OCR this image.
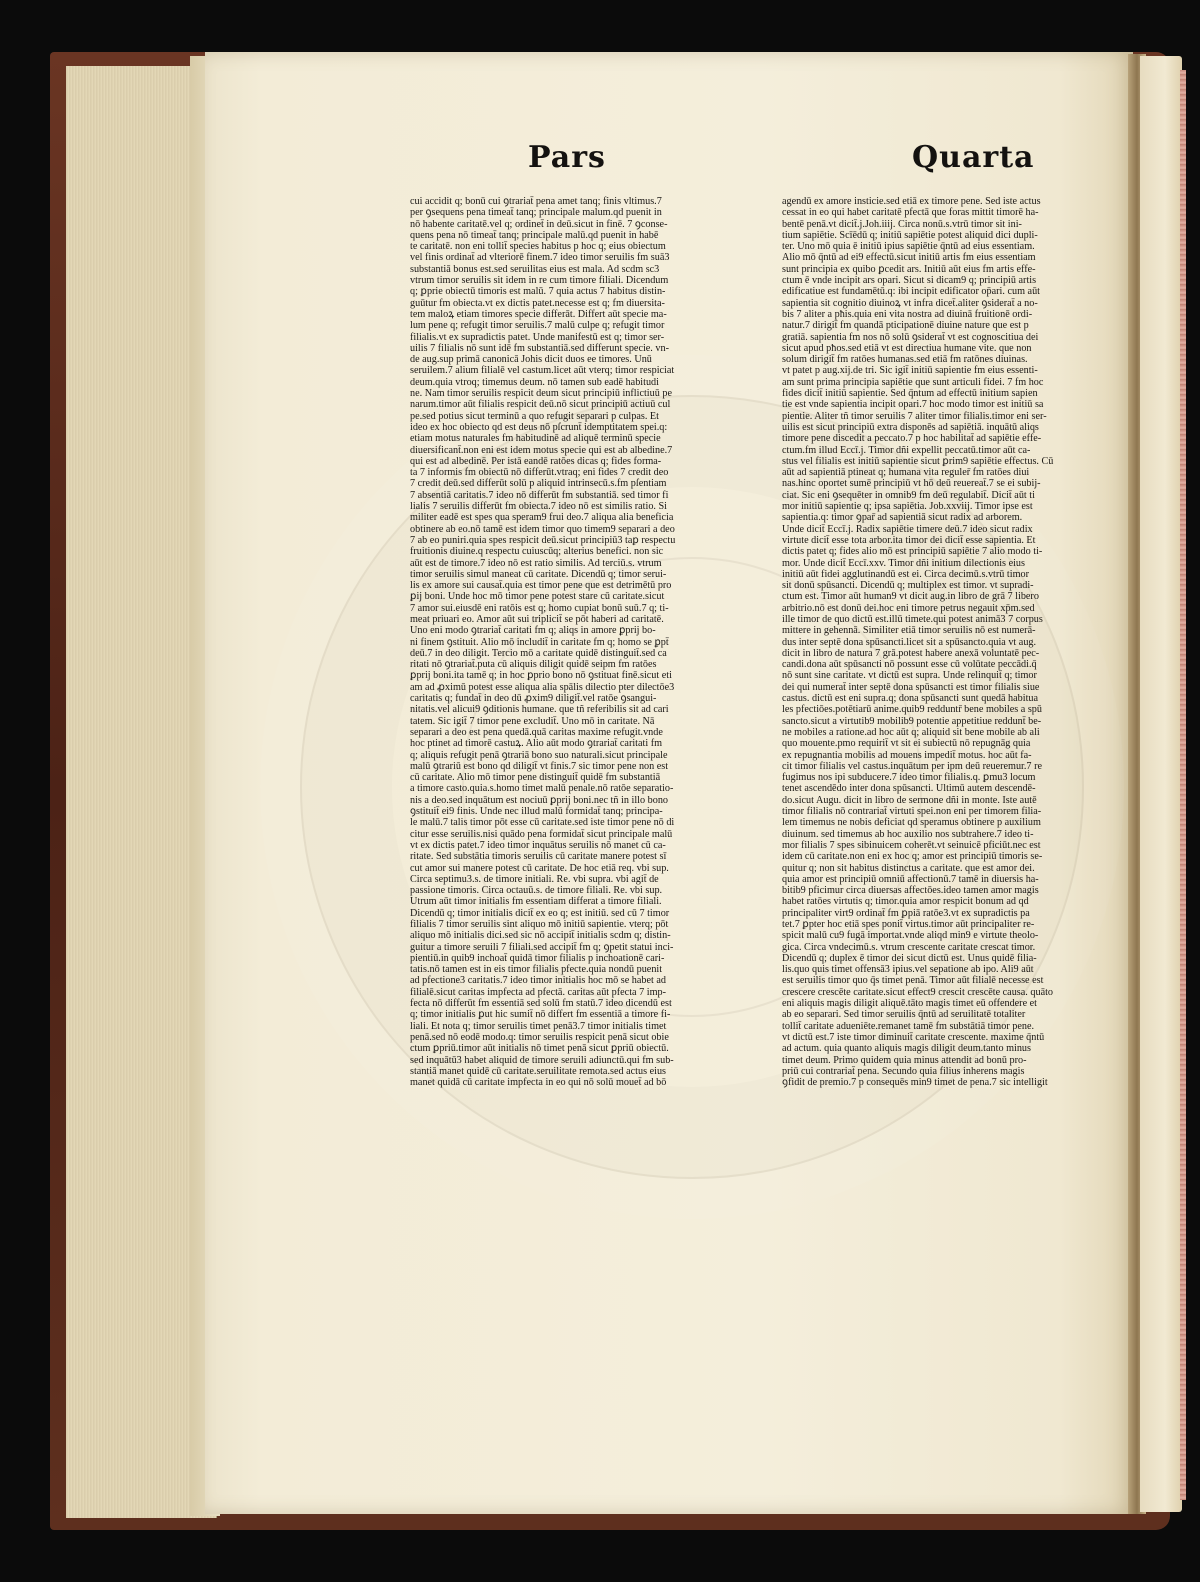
Pars	Quarta

cui accidit q; bonū cui ꝯtrariat̄ pena amet tanq; finis vltimus.7

per ꝯsequens pena timeat̄ tanq; principale malum.qd̄ puenit in

nō habente caritatē.vel q; ordinet̄ in deū.sicut in finē. 7 ꝯconse-

quens pena nō timeat̄ tanq; principale malū.qd̄ puenit in habē

te caritatē. non eni tollit̄ species habitus p hoc q; eius obiectum

vel finis ordinat̄ ad vlteriorē finem.7 ideo timor seruilis fm suā3

substantiā bonus est.sed seruilitas eius est mala. Ad scdm sc3

vtrum timor seruilis sit idem in re cum timore filiali. Dicendum

q; ꝑprie obiectū timoris est malū. 7 quia actus 7 habitus distin-

guūtur fm obiecta.vt ex dictis patet.necesse est q; fm diuersita-

tem maloꝝ etiam timores specie differāt. Differt aūt specie ma-

lum pene q; refugit timor seruilis.7 malū culpe q; refugit timor

filialis.vt ex supradictis patet. Unde manifestū est q; timor ser-

uilis 7 filialis nō sunt idē fm substantiā.sed differunt specie. vn-

de aug.sup primā canonicā Johis dicit duos ee timores. Unū

seruilem.7 alium filialē vel castum.licet aūt vterq; timor respiciat

deum.quia vtroq; timemus deum. nō tamen sub eadē habitudi

ne. Nam timor seruilis respicit deum sicut principiū inflictiuū pe

narum.timor aūt filialis respicit deū.nō sicut principiū actiuū cul

pe.sed potius sicut terminū a quo refugit separari p culpas. Et

ideo ex hoc obiecto qd̄ est deus nō pſcrunt̄ idemptitatem spei.q:

etiam motus naturales fm habitudinē ad aliquē terminū specie

diuersificant̄.non eni est idem motus specie qui est ab albedine.7

qui est ad albedinē. Per istā eandē ratōes dicas q; fides forma-

ta 7 informis fm obiectū nō differūt.vtraq; eni fides 7 credit deo

7 credit deū.sed differūt solū p aliquid intrinsecū.s.fm pſentiam

7 absentiā caritatis.7 ideo nō differūt fm substantiā. sed timor fi

lialis 7 seruilis differūt fm obiecta.7 ideo nō est similis ratio. Si

militer eadē est spes qua speram9 frui deo.7 aliqua alia beneficia

obtinere ab eo.nō tamē est idem timor quo timem9 separari a deo

7 ab eo puniri.quia spes respicit deū.sicut principiū3 taꝑ respectu

fruitionis diuine.q respectu cuiuscūq; alterius benefici. non sic

aūt est de timore.7 ideo nō est ratio similis. Ad terciū.s. vtrum

timor seruilis simul maneat cū caritate. Dicendū q; timor serui-

lis ex amore sui causat̄.quia est timor pene que est detrimētū pro

ꝑij boni. Unde hoc mō timor pene potest stare cū caritate.sicut

7 amor sui.eiusdē eni ratōis est q; homo cupiat bonū suū.7 q; ti-

meat priuari eo. Amor aūt sui triplicit̄ se pōt haberi ad caritatē.

Uno eni modo ꝯtrariat̄ caritati fm q; aliqs in amore ꝑprij bo-

ni finem ꝯstituit. Alio mō includit̄ in caritate fm q; homo se ꝑpt̄

deū.7 in deo diligit. Tercio mō a caritate quidē distinguit̄.sed ca

ritati nō ꝯtrariat̄.puta cū aliquis diligit quidē seipm fm ratōes

ꝑprij boni.ita tamē q; in hoc ꝑprio bono nō ꝯstituat finē.sicut eti

am ad ꝓximū potest esse aliqua alia spālis dilectio pter dilectōe3

caritatis q; fundat̄ in deo dū ꝓxim9 diligit̄.vel ratōe ꝯsangui-

nitatis.vel alicui9 ꝯditionis humane. que tñ referibilis sit ad cari

tatem. Sic igit̄ 7 timor pene excludit̄. Uno mō in caritate. Nā

separari a deo est pena quedā.quā caritas maxime refugit.vnde

hoc ptinet ad timorē castuꝝ. Alio aūt modo ꝯtrariat̄ caritati fm

q; aliquis refugit penā ꝯtrariā bono suo naturali.sicut principale

malū ꝯtrariū est bono qd̄ diligit̄ vt finis.7 sic timor pene non est

cū caritate. Alio mō timor pene distinguit̄ quidē fm substantiā

a timore casto.quia.s.homo timet malū penale.nō ratōe separatio-

nis a deo.sed inquātum est nociuū ꝑprij boni.nec tñ in illo bono

ꝯstituit̄ ei9 finis. Unde nec illud malū formidat̄ tanq; principa-

le malū.7 talis timor pōt esse cū caritate.sed iste timor pene nō di

citur esse seruilis.nisi quādo pena formidat̄ sicut principale malū

vt ex dictis patet.7 ideo timor inquātus seruilis nō manet cū ca-

ritate. Sed substātia timoris seruilis cū caritate manere potest sī

cut amor sui manere potest cū caritate. De hoc etiā req. vbi sup.

Circa septimu3.s. de timore initiali. Re. vbi supra. vbi agit̄ de

passione timoris. Circa octauū.s. de timore filiali. Re. vbi sup.

Utrum aūt timor initialis fm essentiam differat a timore filiali.

Dicendū q; timor initialis dicit̄ ex eo q; est initiū. sed cū 7 timor

filialis 7 timor seruilis sint aliquo mō initiū sapientie. vterq; pōt

aliquo mō initialis dici.sed sic nō accipit̄ initialis scdm q; distin-

guitur a timore seruili 7 filiali.sed accipit̄ fm q; ꝯpetit statui inci-

pientiū.in quib9 inchoat̄ quidā timor filialis p inchoationē cari-

tatis.nō tamen est in eis timor filialis pfecte.quia nondū puenit

ad pfectione3 caritatis.7 ideo timor initialis hoc mō se habet ad

filialē.sicut caritas impfecta ad pfectā. caritas aūt pfecta 7 imp-

fecta nō differūt fm essentiā sed solū fm statū.7 ideo dicendū est

q; timor initialis ꝑut hic sumit̄ nō differt fm essentiā a timore fi-

liali. Et nota q; timor seruilis timet penā3.7 timor initialis timet

penā.sed nō eodē modo.q: timor seruilis respicit penā sicut obie

ctum ꝑpriū.timor aūt initialis nō timet penā sicut ꝑpriū obiectū.

sed inquātū3 habet aliquid de timore seruili adiunctū.qui fm sub-

stantiā manet quidē cū caritate.seruilitate remota.sed actus eius

manet quidā cū caritate impfecta in eo qui nō solū mouet̄ ad bō

agendū ex amore insticie.sed etiā ex timore pene. Sed iste actus

cessat in eo qui habet caritatē pfectā que foras mittit timorē ha-

bentē penā.vt dicit̄.j.Joh.iiij. Circa nonū.s.vtrū timor sit ini-

tium sapiētie. Scīēdū q; initiū sapiētie potest aliquid dici dupli-

ter. Uno mō quia ē initiū ipius sapiētie q̄ntū ad eius essentiam.

Alio mō q̄ntū ad ei9 effectū.sicut initiū artis fm eius essentiam

sunt principia ex quibo ꝑcedit ars. Initiū aūt eius fm artis effe-

ctum ē vnde incipit ars opari. Sicut si dicam9 q; principiū artis

edificatiue est fundamētū.q: ibi incipit edificator op̄ari. cum aūt

sapientia sit cognitio diuinoꝝ vt infra dicet̄.aliter ꝯsiderat̄ a no-

bis 7 aliter a pħis.quia eni vita nostra ad diuinā fruitionē ordi-

natur.7 dirigit̄ fm quandā pticipationē diuine nature que est p

gratiā. sapientia fm nos nō solū ꝯsiderat̄ vt est cognoscitiua dei

sicut apud pħos.sed etiā vt est directiua humane vite. que non

solum dirigit̄ fm ratōes humanas.sed etiā fm ratōnes diuinas.

vt patet p aug.xij.de tri. Sic igit̄ initiū sapientie fm eius essenti-

am sunt prima principia sapiētie que sunt articuli fidei. 7 fm hoc

fides dicit̄ initiū sapientie. Sed q̄ntum ad effectū initium sapien

tie est vnde sapientia incipit opari.7 hoc modo timor est initiū sa

pientie. Aliter tñ timor seruilis 7 aliter timor filialis.timor eni ser-

uilis est sicut principiū extra disponēs ad sapiētiā. inquātū aliqs

timore pene discedit a peccato.7 p hoc habilitat̄ ad sapiētie effe-

ctum.fm illud Eccī.j. Timor dñi expellit peccatū.timor aūt ca-

stus vel filialis est initiū sapientie sicut ꝑrim9 sapiētie effectus. Cū

aūt ad sapientiā ptineat q; humana vita reguler̄ fm ratōes diui

nas.hinc oportet sumē principiū vt hō deū reuereat̄.7 se ei subij-

ciat. Sic eni ꝯsequēter in omnib9 fm deū regulabit̄. Dicit̄ aūt ti

mor initiū sapientie q; ipsa sapiētia. Job.xxviij. Timor ipse est

sapientia.q: timor ꝯpar̄ ad sapientiā sicut radix ad arborem.

Unde dicit̄ Eccī.j. Radix sapiētie timere deū.7 ideo sicut radix

virtute dicit̄ esse tota arbor.ita timor dei dicit̄ esse sapientia. Et

dictis patet q; fides alio mō est principiū sapiētie 7 alio modo ti-

mor. Unde dicit̄ Eccī.xxv. Timor dñi initium dilectionis eius

initiū aūt fidei agglutinandū est ei. Circa decimū.s.vtrū timor

sit donū spūsancti. Dicendū q; multiplex est timor. vt supradi-

ctum est. Timor aūt human9 vt dicit aug.in libro de grā 7 libero

arbitrio.nō est donū dei.hoc eni timore petrus negauit xp̄m.sed

ille timor de quo dictū est.illū timete.qui potest animā3 7 corpus

mittere in gehennā. Similiter etiā timor seruilis nō est numerā-

dus inter septē dona spūsancti.licet sit a spūsancto.quia vt aug.

dicit in libro de natura 7 grā.potest habere anexā voluntatē pec-

candi.dona aūt spūsancti nō possunt esse cū volūtate peccādi.q̄

nō sunt sine caritate. vt dictū est supra. Unde relinquit̄ q; timor

dei qui numerat̄ inter septē dona spūsancti est timor filialis siue

castus. dictū est eni supra.q; dona spūsancti sunt quedā habitua

les pfectiōes.potētiarū anime.quib9 redduntr̄ bene mobiles a spū

sancto.sicut a virtutib9 mobilib9 potentie appetitiue reddunt̄ be-

ne mobiles a ratione.ad hoc aūt q; aliquid sit bene mobile ab ali

quo mouente.pmo requirit̄ vt sit ei subiectū nō repugnāg quia

ex repugnantia mobilis ad mouens impedit̄ motus. hoc aūt fa-

cit timor filialis vel castus.inquātum per ipm deū reueremur.7 re

fugimus nos ipi subducere.7 ideo timor filialis.q. ꝑmu3 locum

tenet ascendēdo inter dona spūsancti. Ultimū autem descendē-

do.sicut Augu. dicit in libro de sermone dñi in monte. Iste autē

timor filialis nō contrariat̄ virtuti spei.non eni per timorem filia-

lem timemus ne nobis deficiat qd̄ speramus obtinere p auxilium

diuinum. sed timemus ab hoc auxilio nos subtrahere.7 ideo ti-

mor filialis 7 spes sibinuicem coherēt.vt seinuicē pficiūt.nec est

idem cū caritate.non eni ex hoc q; amor est principiū timoris se-

quitur q; non sit habitus distinctus a caritate. que est amor dei.

quia amor est principiū omniū affectionū.7 tamē in diuersis ha-

bitib9 pficimur circa diuersas affectōes.ideo tamen amor magis

habet ratōes virtutis q; timor.quia amor respicit bonum ad qd̄

principaliter virt9 ordinat̄ fm ꝑpiā ratōe3.vt ex supradictis pa

tet.7 ꝑpter hoc etiā spes ponit̄ virtus.timor aūt principaliter re-

spicit malū cu9 fugā importat.vnde aliqd̄ min9 e virtute theolo-

gica. Circa vndecimū.s. vtrum crescente caritate crescat timor.

Dicendū q; duplex ē timor dei sicut dictū est. Unus quidē filia-

lis.quo quis timet offensā3 ipius.vel sepatione ab ipo. Ali9 aūt

est seruilis timor quo q̄s timet penā. Timor aūt filialē necesse est

crescere crescēte caritate.sicut effect9 crescit crescēte causa. quāto

eni aliquis magis diligit aliquē.tāto magis timet eū offendere et

ab eo separari. Sed timor seruilis q̄ntū ad seruilitatē totaliter

tollit̄ caritate adueniēte.remanet tamē fm substātiā timor pene.

vt dictū est.7 iste timor diminuit̄ caritate crescente. maxime q̄ntū

ad actum. quia quanto aliquis magis diligit deum.tanto minus

timet deum. Primo quidem quia minus attendit ad bonū pro-

priū cui contrariat̄ pena. Secundo quia filius inherens magis

ꝯfidit de premio.7 p consequēs min9 timet de pena.7 sic intelligit
